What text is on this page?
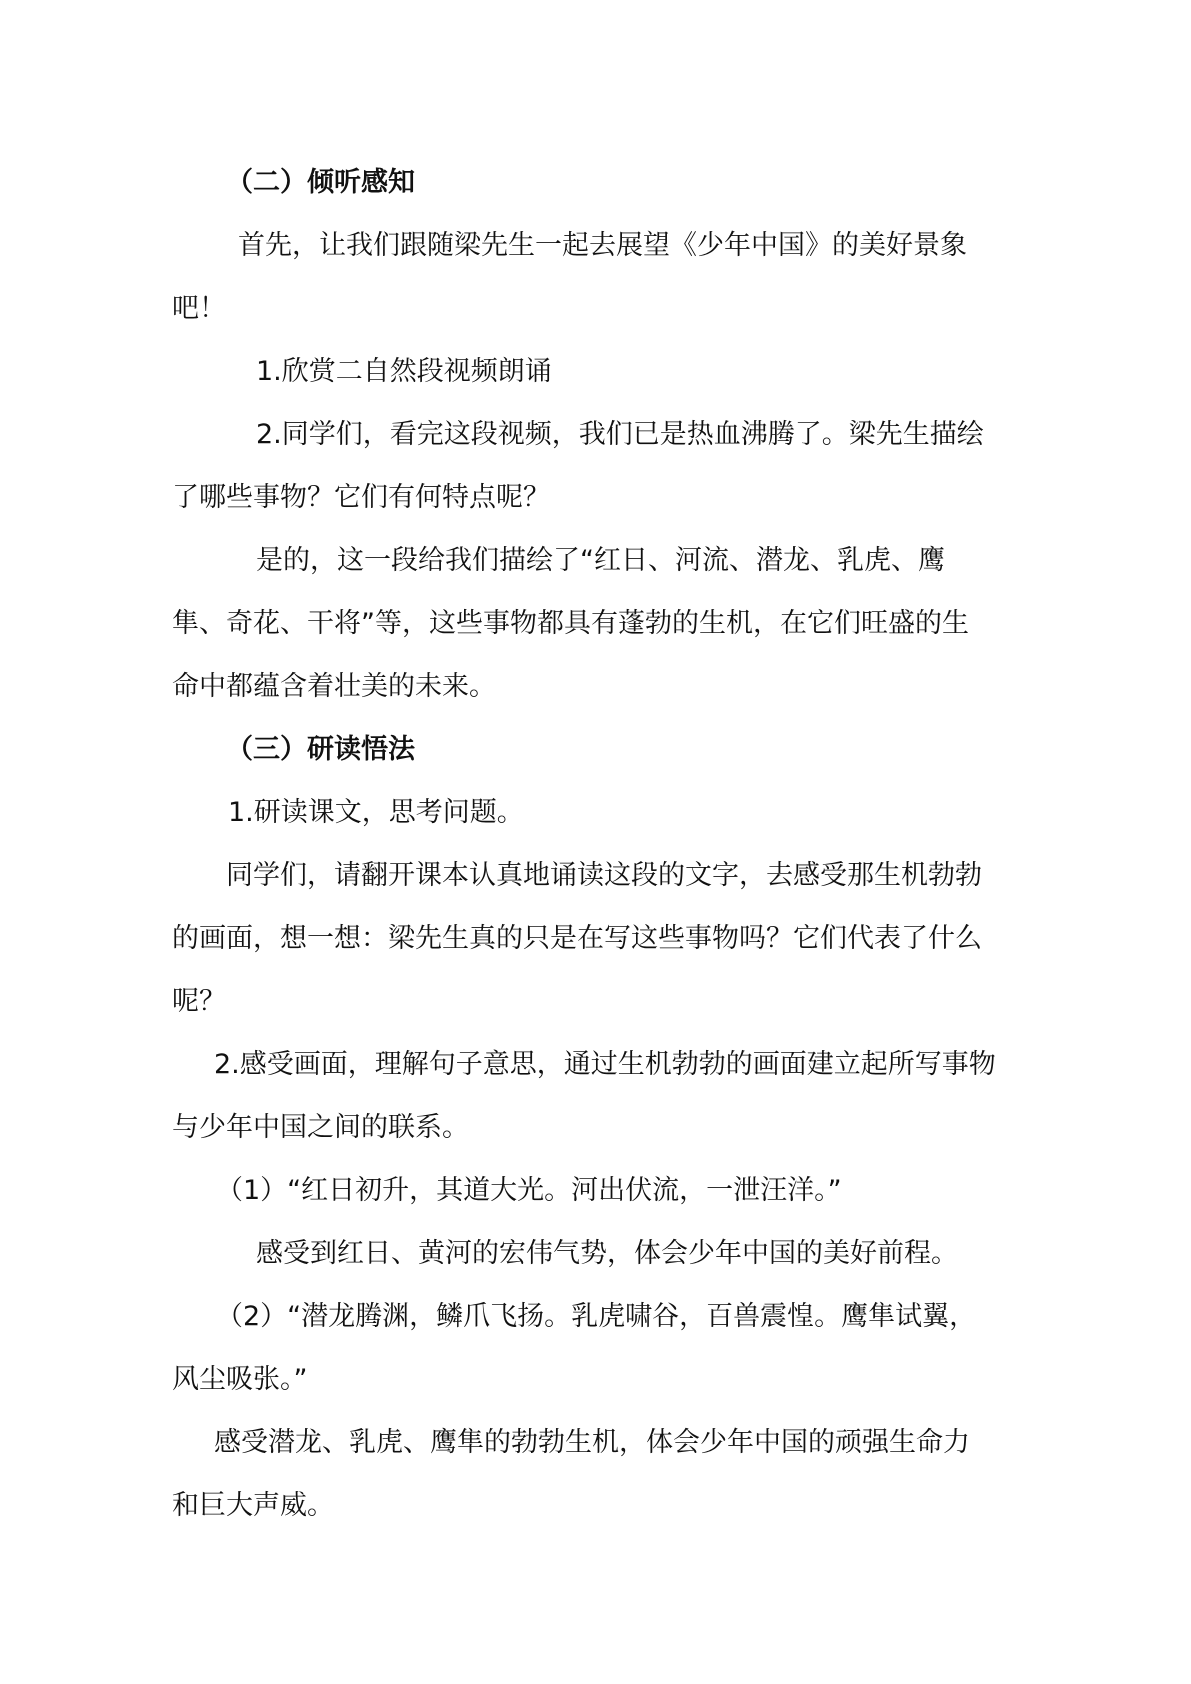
（二）倾听感知
首先，让我们跟随梁先生一起去展望《少年中国》的美好景象
吧！
1.欣赏二自然段视频朗诵
2.同学们，看完这段视频，我们已是热血沸腾了。梁先生描绘
了哪些事物？它们有何特点呢？
是的，这一段给我们描绘了“红日、河流、潜龙、乳虎、鹰
隼、奇花、干将”等，这些事物都具有蓬勃的生机，在它们旺盛的生
命中都蕴含着壮美的未来。
（三）研读悟法
1.研读课文，思考问题。
同学们，请翻开课本认真地诵读这段的文字，去感受那生机勃勃
的画面，想一想：梁先生真的只是在写这些事物吗？它们代表了什么
呢？
2.感受画面，理解句子意思，通过生机勃勃的画面建立起所写事物
与少年中国之间的联系。
（1）“红日初升，其道大光。河出伏流，一泄汪洋。”
感受到红日、黄河的宏伟气势，体会少年中国的美好前程。
（2）“潜龙腾渊，鳞爪飞扬。乳虎啸谷，百兽震惶。鹰隼试翼，
风尘吸张。”
感受潜龙、乳虎、鹰隼的勃勃生机，体会少年中国的顽强生命力
和巨大声威。
